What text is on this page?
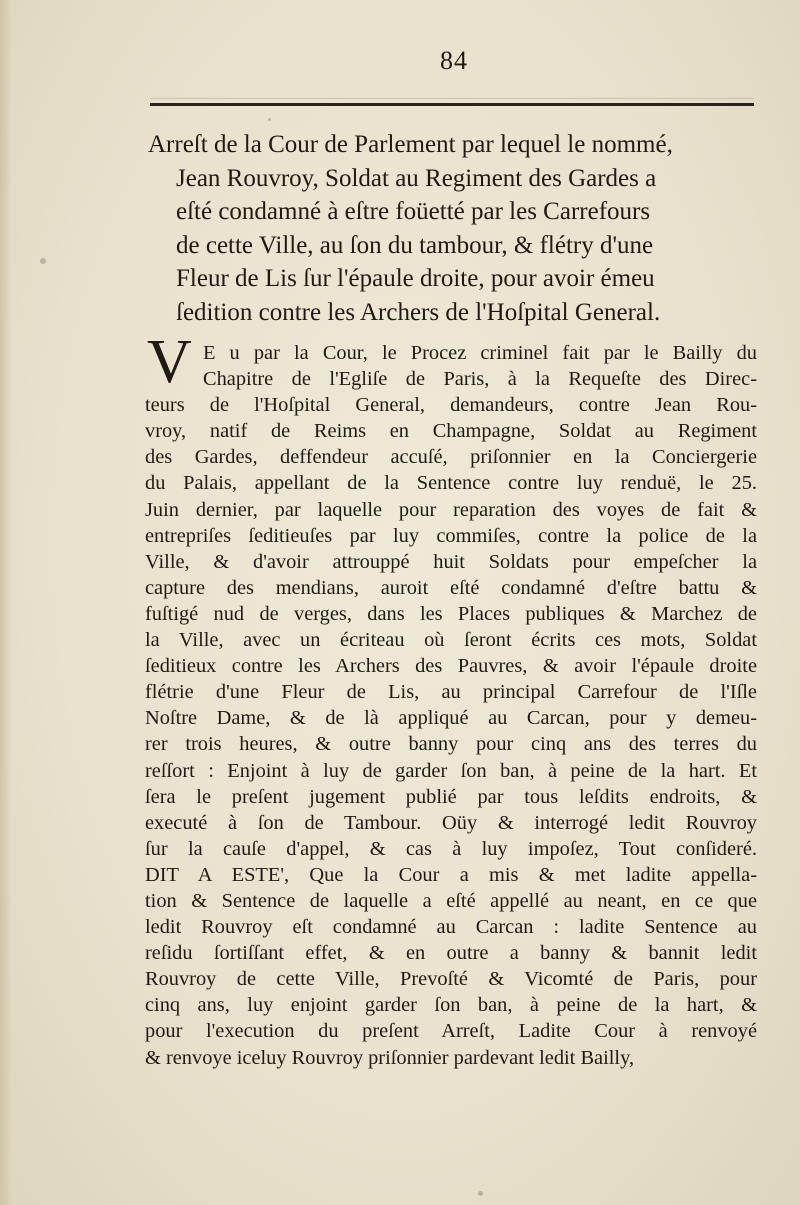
84
Arreſt de la Cour de Parlement par lequel le nommé,
Jean Rouvroy, Soldat au Regiment des Gardes a
eſté condamné à eſtre foüetté par les Carrefours
de cette Ville, au ſon du tambour, & flétry d'une
Fleur de Lis ſur l'épaule droite, pour avoir émeu
ſedition contre les Archers de l'Hoſpital General.
V E u par la Cour, le Procez criminel fait par le Bailly du
Chapitre de l'Egliſe de Paris, à la Requeſte des Direc-
teurs de l'Hoſpital General, demandeurs, contre Jean Rou-
vroy, natif de Reims en Champagne, Soldat au Regiment
des Gardes, deffendeur accuſé, priſonnier en la Conciergerie
du Palais, appellant de la Sentence contre luy renduë, le 25.
Juin dernier, par laquelle pour reparation des voyes de fait &
entrepriſes ſeditieuſes par luy commiſes, contre la police de la
Ville, & d'avoir attrouppé huit Soldats pour empeſcher la
capture des mendians, auroit eſté condamné d'eſtre battu &
fuſtigé nud de verges, dans les Places publiques & Marchez de
la Ville, avec un écriteau où ſeront écrits ces mots, Soldat
ſeditieux contre les Archers des Pauvres, & avoir l'épaule droite
flétrie d'une Fleur de Lis, au principal Carrefour de l'Iſle
Noſtre Dame, & de là appliqué au Carcan, pour y demeu-
rer trois heures, & outre banny pour cinq ans des terres du
reſſort : Enjoint à luy de garder ſon ban, à peine de la hart. Et
ſera le preſent jugement publié par tous leſdits endroits, &
executé à ſon de Tambour. Oüy & interrogé ledit Rouvroy
ſur la cauſe d'appel, & cas à luy impoſez, Tout conſideré.
DIT A ESTE', Que la Cour a mis & met ladite appella-
tion & Sentence de laquelle a eſté appellé au neant, en ce que
ledit Rouvroy eſt condamné au Carcan : ladite Sentence au
reſidu ſortiſſant effet, & en outre a banny & bannit ledit
Rouvroy de cette Ville, Prevoſté & Vicomté de Paris, pour
cinq ans, luy enjoint garder ſon ban, à peine de la hart, &
pour l'execution du preſent Arreſt, Ladite Cour à renvoyé
& renvoye iceluy Rouvroy priſonnier pardevant ledit Bailly,
